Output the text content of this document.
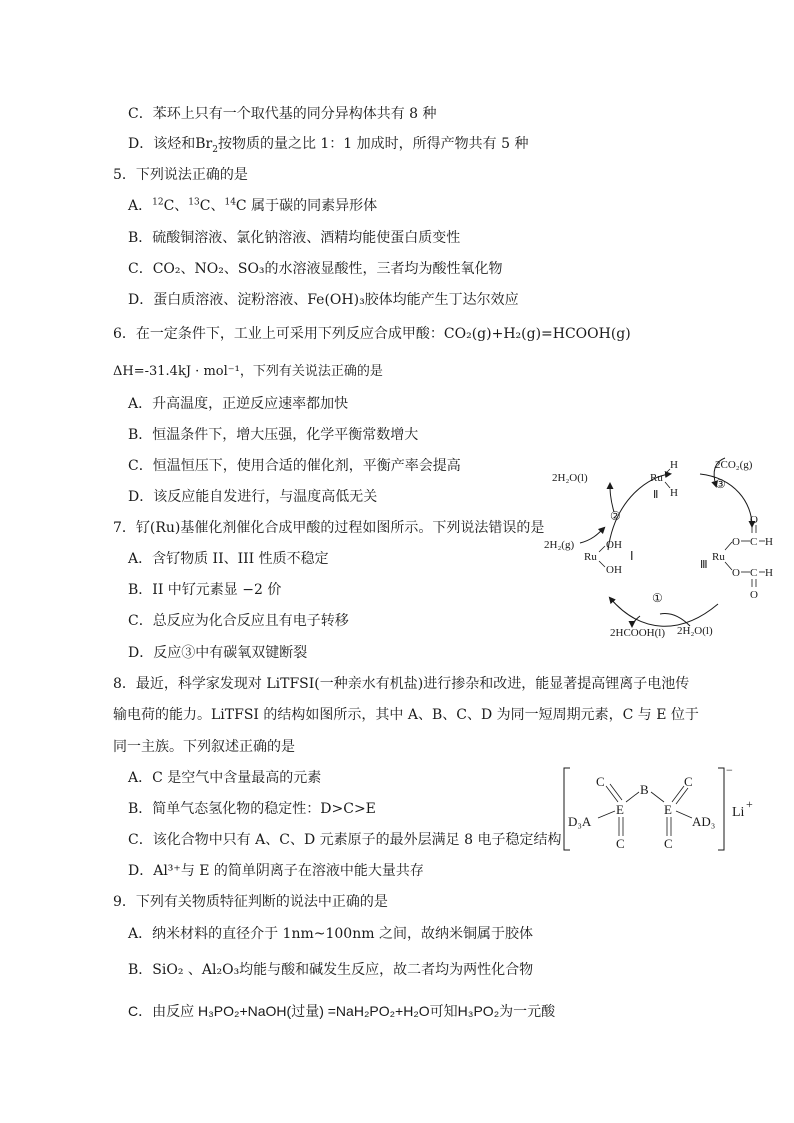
C．苯环上只有一个取代基的同分异构体共有 8 种
D．该烃和$Br_2$按物质的量之比 1：1 加成时，所得产物共有 5 种
5．下列说法正确的是
A．$^{12}$C、$^{13}$C、$^{14}$C 属于碳的同素异形体
B．硫酸铜溶液、氯化钠溶液、酒精均能使蛋白质变性
C．CO₂、NO₂、SO₃的水溶液显酸性，三者均为酸性氧化物
D．蛋白质溶液、淀粉溶液、Fe(OH)₃胶体均能产生丁达尔效应
6．在一定条件下，工业上可采用下列反应合成甲酸：CO₂(g)+H₂(g)=HCOOH(g)
ΔH=-31.4kJ · mol⁻¹，下列有关说法正确的是
A．升高温度，正逆反应速率都加快
B．恒温条件下，增大压强，化学平衡常数增大
C．恒温恒压下，使用合适的催化剂，平衡产率会提高
D．该反应能自发进行，与温度高低无关
7．钌(Ru)基催化剂催化合成甲酸的过程如图所示。下列说法错误的是
A．含钌物质 II、III 性质不稳定
B．II 中钌元素显 −2 价
C．总反应为化合反应且有电子转移
D．反应③中有碳氧双键断裂
2H₂O(l)
2CO₂(g)
2H₂(g)
2HCOOH(l) 2H₂O(l)
①
②
③
Ru
H
H
Ⅱ
Ru
OH
OH
Ⅰ	Ru
Ⅲ
O C H
O
O C H
O
8．最近，科学家发现对 LiTFSI(一种亲水有机盐)进行掺杂和改进，能显著提高锂离子电池传
输电荷的能力。LiTFSI 的结构如图所示，其中 A、B、C、D 为同一短周期元素，C 与 E 位于
同一主族。下列叙述正确的是
A．C 是空气中含量最高的元素
B．简单气态氢化物的稳定性：D>C>E
C．该化合物中只有 A、C、D 元素原子的最外层满足 8 电子稳定结构
D．Al³⁺与 E 的简单阴离子在溶液中能大量共存
−
Li
+
E
C
C
D₃A
B
E
C
C
AD₃
9．下列有关物质特征判断的说法中正确的是
A．纳米材料的直径介于 1nm~100nm 之间，故纳米铜属于胶体
B．SiO₂ 、Al₂O₃均能与酸和碱发生反应，故二者均为两性化合物
C．由反应 H₃PO₂+NaOH(过量) =NaH₂PO₂+H₂O可知H₃PO₂为一元酸
